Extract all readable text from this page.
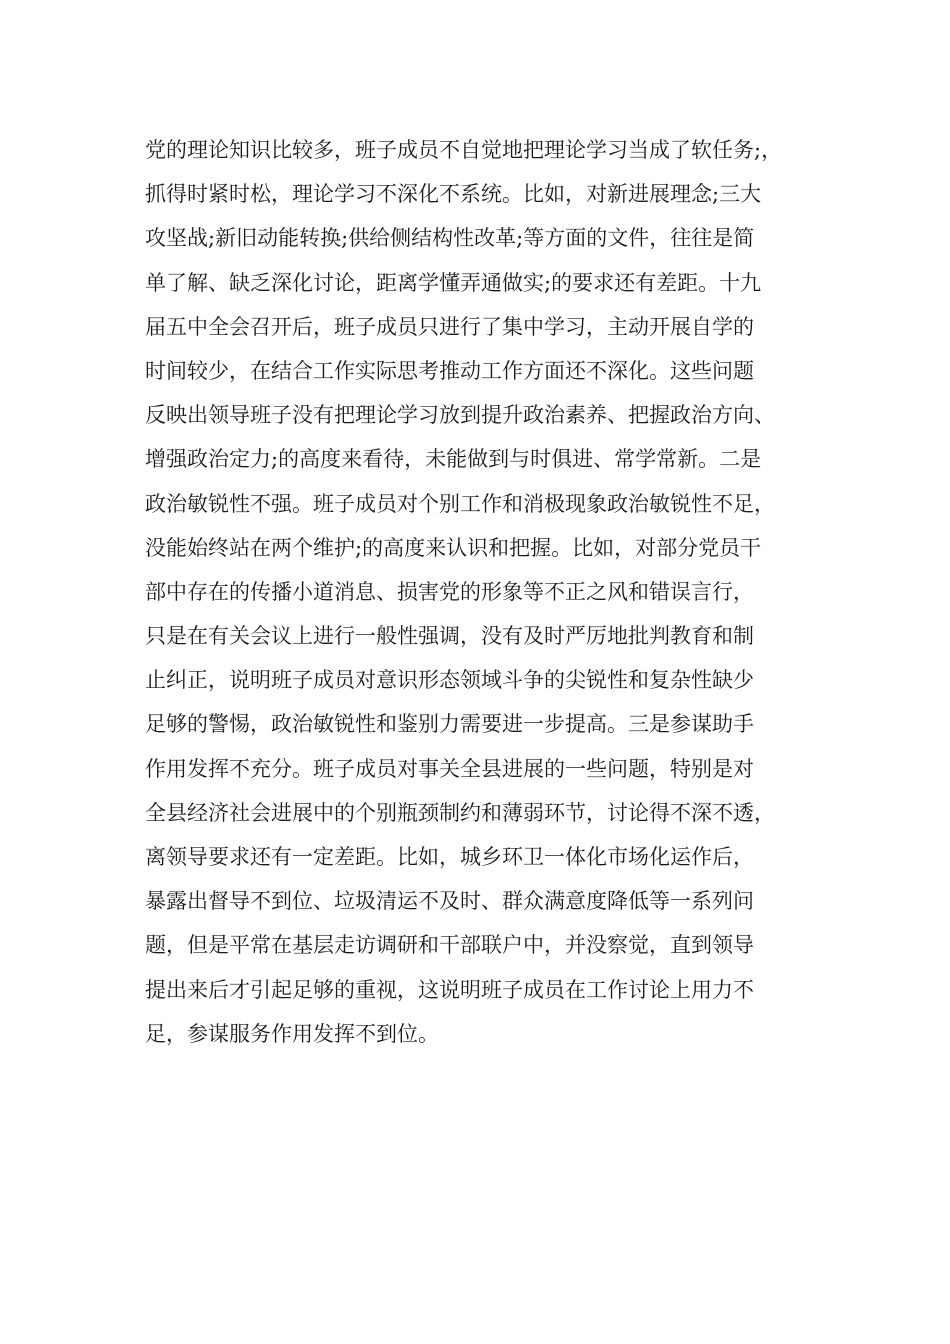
党的理论知识比较多，班子成员不自觉地把理论学习当成了软任务;，
抓得时紧时松，理论学习不深化不系统。比如，对新进展理念;三大
攻坚战;新旧动能转换;供给侧结构性改革;等方面的文件，往往是简
单了解、缺乏深化讨论，距离学懂弄通做实;的要求还有差距。十九
届五中全会召开后，班子成员只进行了集中学习，主动开展自学的
时间较少，在结合工作实际思考推动工作方面还不深化。这些问题
反映出领导班子没有把理论学习放到提升政治素养、把握政治方向、
增强政治定力;的高度来看待，未能做到与时俱进、常学常新。二是
政治敏锐性不强。班子成员对个别工作和消极现象政治敏锐性不足，
没能始终站在两个维护;的高度来认识和把握。比如，对部分党员干
部中存在的传播小道消息、损害党的形象等不正之风和错误言行，
只是在有关会议上进行一般性强调，没有及时严厉地批判教育和制
止纠正，说明班子成员对意识形态领域斗争的尖锐性和复杂性缺少
足够的警惕，政治敏锐性和鉴别力需要进一步提高。三是参谋助手
作用发挥不充分。班子成员对事关全县进展的一些问题，特别是对
全县经济社会进展中的个别瓶颈制约和薄弱环节，讨论得不深不透，
离领导要求还有一定差距。比如，城乡环卫一体化市场化运作后，
暴露出督导不到位、垃圾清运不及时、群众满意度降低等一系列问
题，但是平常在基层走访调研和干部联户中，并没察觉，直到领导
提出来后才引起足够的重视，这说明班子成员在工作讨论上用力不
足，参谋服务作用发挥不到位。
